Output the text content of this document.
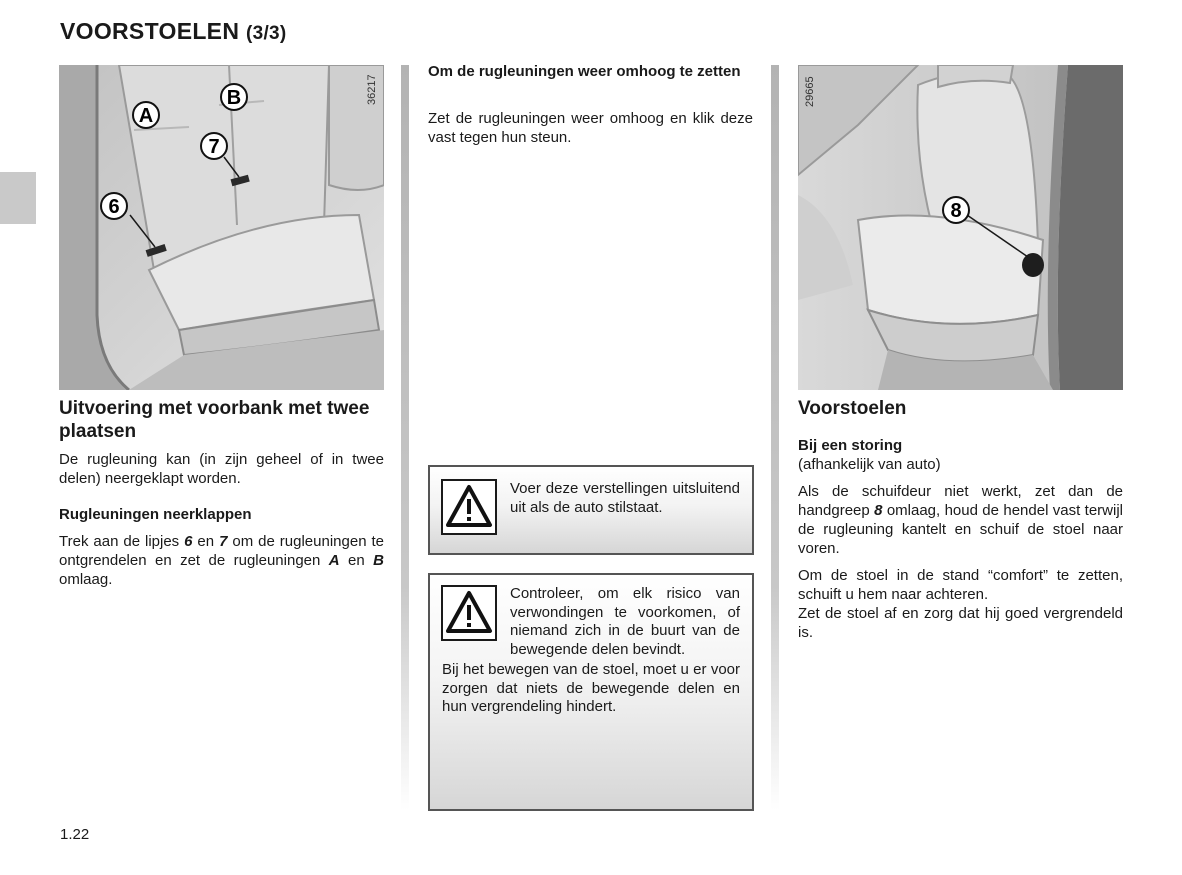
VOORSTOELEN (3/3)
36217
A
B
7
6
Uitvoering met voorbank met twee plaatsen
De rugleuning kan (in zijn geheel of in twee delen) neergeklapt worden.
Rugleuningen neerklappen
Trek aan de lipjes 6 en 7 om de rugleuningen te ontgrendelen en zet de rugleuningen A en B omlaag.
Om de rugleuningen weer omhoog te zetten
Zet de rugleuningen weer omhoog en klik deze vast tegen hun steun.
Voer deze verstellingen uitsluitend uit als de auto stilstaat.
Controleer, om elk risico van verwondingen te voorkomen, of niemand zich in de buurt van de bewegende delen bevindt.
Bij het bewegen van de stoel, moet u er voor zorgen dat niets de bewegende delen en hun vergrendeling hindert.
29665
8
Voorstoelen
Bij een storing
(afhankelijk van auto)
Als de schuifdeur niet werkt, zet dan de handgreep 8 omlaag, houd de hendel vast terwijl de rugleuning kantelt en schuif de stoel naar voren.
Om de stoel in de stand “comfort” te zetten, schuift u hem naar achteren.
Zet de stoel af en zorg dat hij goed vergrendeld is.
1.22
